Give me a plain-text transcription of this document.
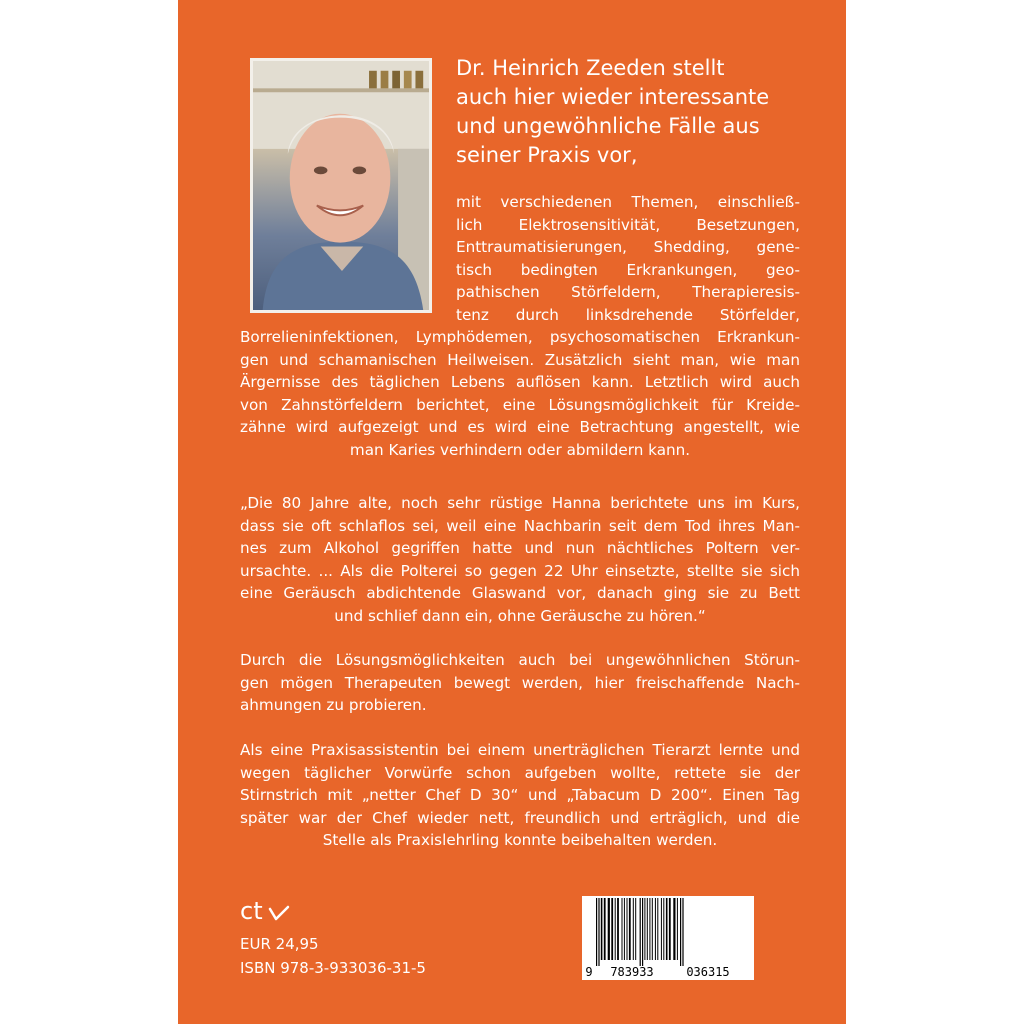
Dr. Heinrich Zeeden stellt
auch hier wieder interessante
und ungewöhnliche Fälle aus
seiner Praxis vor,
mit verschiedenen Themen, einschließ-
lich Elektrosensitivität, Besetzungen,
Enttraumatisierungen, Shedding, gene-
tisch bedingten Erkrankungen, geo-
pathischen Störfeldern, Therapieresis-
tenz durch linksdrehende Störfelder,
Borrelieninfektionen, Lymphödemen, psychosomatischen Erkrankun-
gen und schamanischen Heilweisen. Zusätzlich sieht man, wie man
Ärgernisse des täglichen Lebens auflösen kann. Letztlich wird auch
von Zahnstörfeldern berichtet, eine Lösungsmöglichkeit für Kreide-
zähne wird aufgezeigt und es wird eine Betrachtung angestellt, wie
man Karies verhindern oder abmildern kann.
„Die 80 Jahre alte, noch sehr rüstige Hanna berichtete uns im Kurs,
dass sie oft schlaflos sei, weil eine Nachbarin seit dem Tod ihres Man-
nes zum Alkohol gegriffen hatte und nun nächtliches Poltern ver-
ursachte. ... Als die Polterei so gegen 22 Uhr einsetzte, stellte sie sich
eine Geräusch abdichtende Glaswand vor, danach ging sie zu Bett
und schlief dann ein, ohne Geräusche zu hören.“
Durch die Lösungsmöglichkeiten auch bei ungewöhnlichen Störun-
gen mögen Therapeuten bewegt werden, hier freischaffende Nach-
ahmungen zu probieren.
Als eine Praxisassistentin bei einem unerträglichen Tierarzt lernte und
wegen täglicher Vorwürfe schon aufgeben wollte, rettete sie der
Stirnstrich mit „netter Chef D 30“ und „Tabacum D 200“. Einen Tag
später war der Chef wieder nett, freundlich und erträglich, und die
Stelle als Praxislehrling konnte beibehalten werden.
ct
EUR 24,95
ISBN 978-3-933036-31-5	9	783933	036315
